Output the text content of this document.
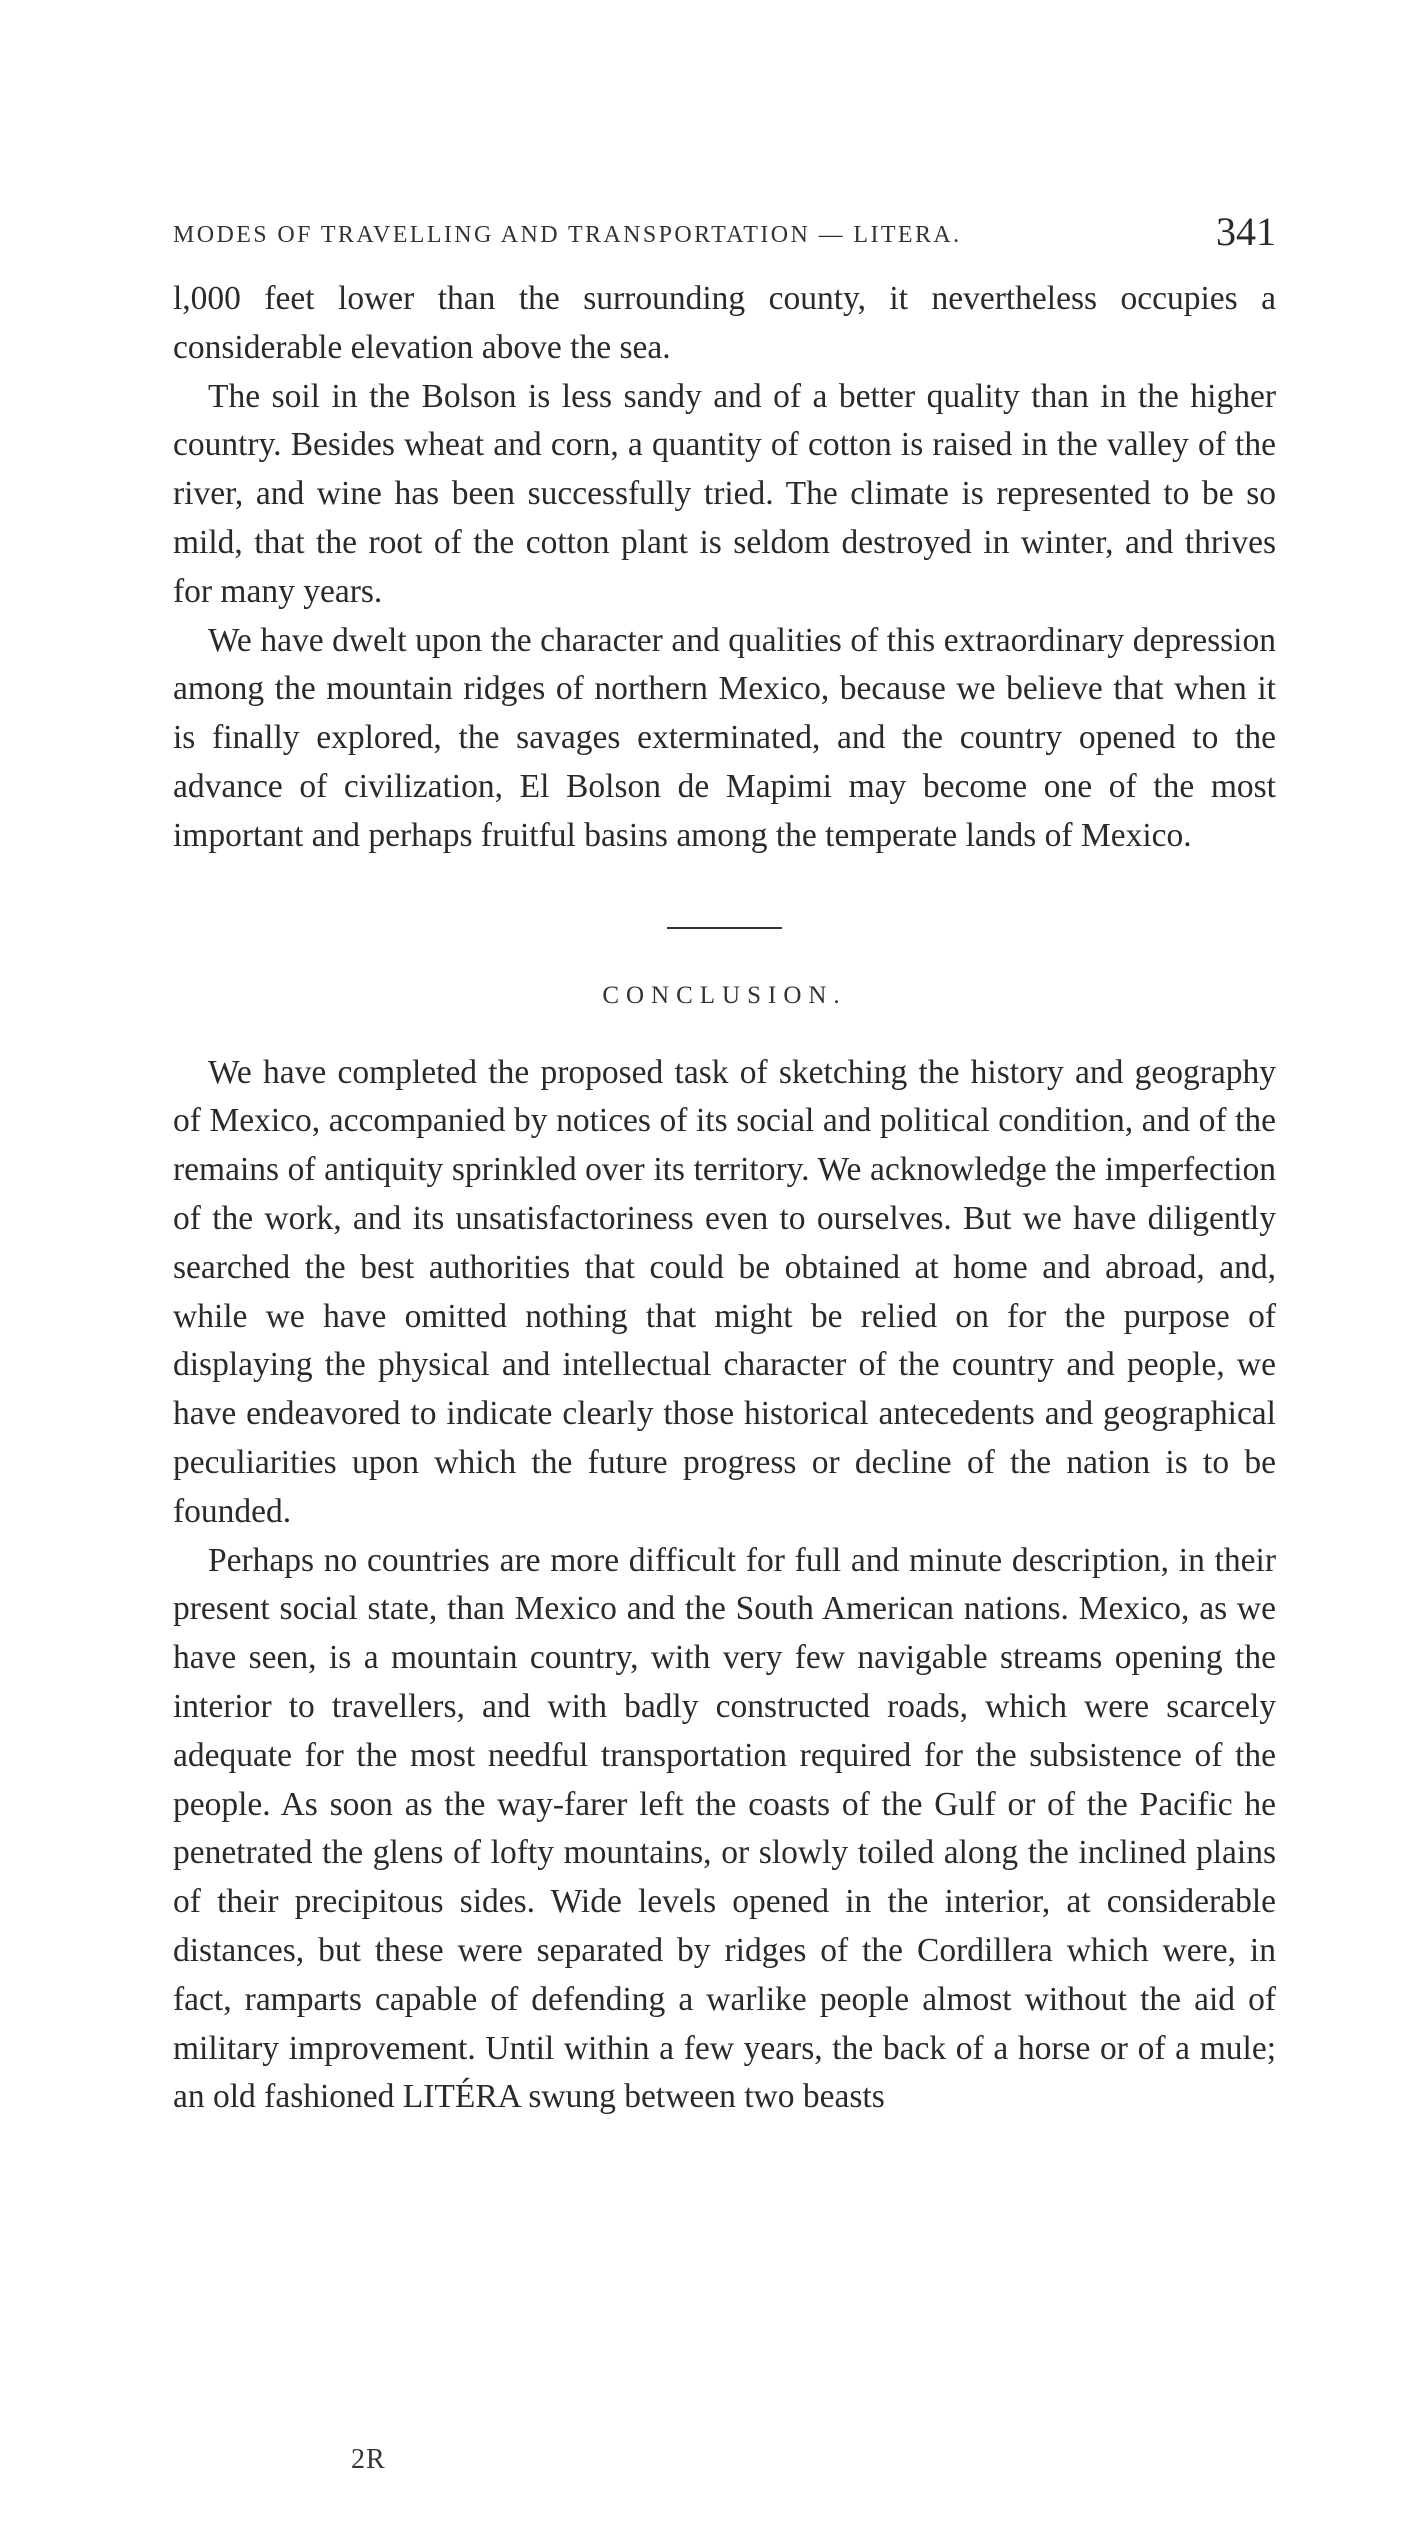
MODES OF TRAVELLING AND TRANSPORTATION — LITERA.	341

l,000 feet lower than the surrounding county, it nevertheless occupies a considerable elevation above the sea.

The soil in the Bolson is less sandy and of a better quality than in the higher country. Besides wheat and corn, a quantity of cotton is raised in the valley of the river, and wine has been successfully tried. The climate is represented to be so mild, that the root of the cotton plant is seldom destroyed in winter, and thrives for many years.

We have dwelt upon the character and qualities of this extraordinary depression among the mountain ridges of northern Mexico, because we believe that when it is finally explored, the savages exterminated, and the country opened to the advance of civilization, El Bolson de Mapimi may become one of the most important and perhaps fruitful basins among the temperate lands of Mexico.

CONCLUSION.

We have completed the proposed task of sketching the history and geography of Mexico, accompanied by notices of its social and political condition, and of the remains of antiquity sprinkled over its territory. We acknowledge the imperfection of the work, and its unsatisfactoriness even to ourselves. But we have diligently searched the best authorities that could be obtained at home and abroad, and, while we have omitted nothing that might be relied on for the purpose of displaying the physical and intellectual character of the country and people, we have endeavored to indicate clearly those historical antecedents and geographical peculiarities upon which the future progress or decline of the nation is to be founded.

Perhaps no countries are more difficult for full and minute description, in their present social state, than Mexico and the South American nations. Mexico, as we have seen, is a mountain country, with very few navigable streams opening the interior to travellers, and with badly constructed roads, which were scarcely adequate for the most needful transportation required for the subsistence of the people. As soon as the way-farer left the coasts of the Gulf or of the Pacific he penetrated the glens of lofty mountains, or slowly toiled along the inclined plains of their precipitous sides. Wide levels opened in the interior, at considerable distances, but these were separated by ridges of the Cordillera which were, in fact, ramparts capable of defending a warlike people almost without the aid of military improvement. Until within a few years, the back of a horse or of a mule; an old fashioned LITÉRA swung between two beasts

2R
